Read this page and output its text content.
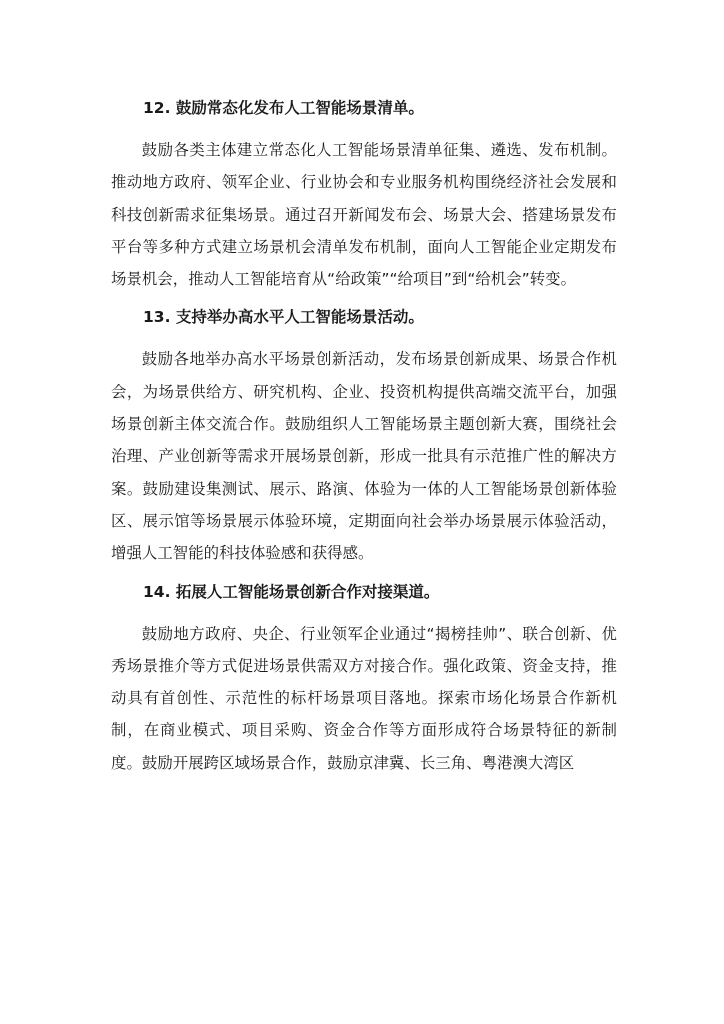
12. 鼓励常态化发布人工智能场景清单。

鼓励各类主体建立常态化人工智能场景清单征集、遴选、发布机制。推动地方政府、领军企业、行业协会和专业服务机构围绕经济社会发展和科技创新需求征集场景。通过召开新闻发布会、场景大会、搭建场景发布平台等多种方式建立场景机会清单发布机制，面向人工智能企业定期发布场景机会，推动人工智能培育从“给政策”“给项目”到“给机会”转变。

13. 支持举办高水平人工智能场景活动。

鼓励各地举办高水平场景创新活动，发布场景创新成果、场景合作机会，为场景供给方、研究机构、企业、投资机构提供高端交流平台，加强场景创新主体交流合作。鼓励组织人工智能场景主题创新大赛，围绕社会治理、产业创新等需求开展场景创新，形成一批具有示范推广性的解决方案。鼓励建设集测试、展示、路演、体验为一体的人工智能场景创新体验区、展示馆等场景展示体验环境，定期面向社会举办场景展示体验活动，增强人工智能的科技体验感和获得感。

14. 拓展人工智能场景创新合作对接渠道。

鼓励地方政府、央企、行业领军企业通过“揭榜挂帅”、联合创新、优秀场景推介等方式促进场景供需双方对接合作。强化政策、资金支持，推动具有首创性、示范性的标杆场景项目落地。探索市场化场景合作新机制，在商业模式、项目采购、资金合作等方面形成符合场景特征的新制度。鼓励开展跨区域场景合作，鼓励京津冀、长三角、粤港澳大湾区
